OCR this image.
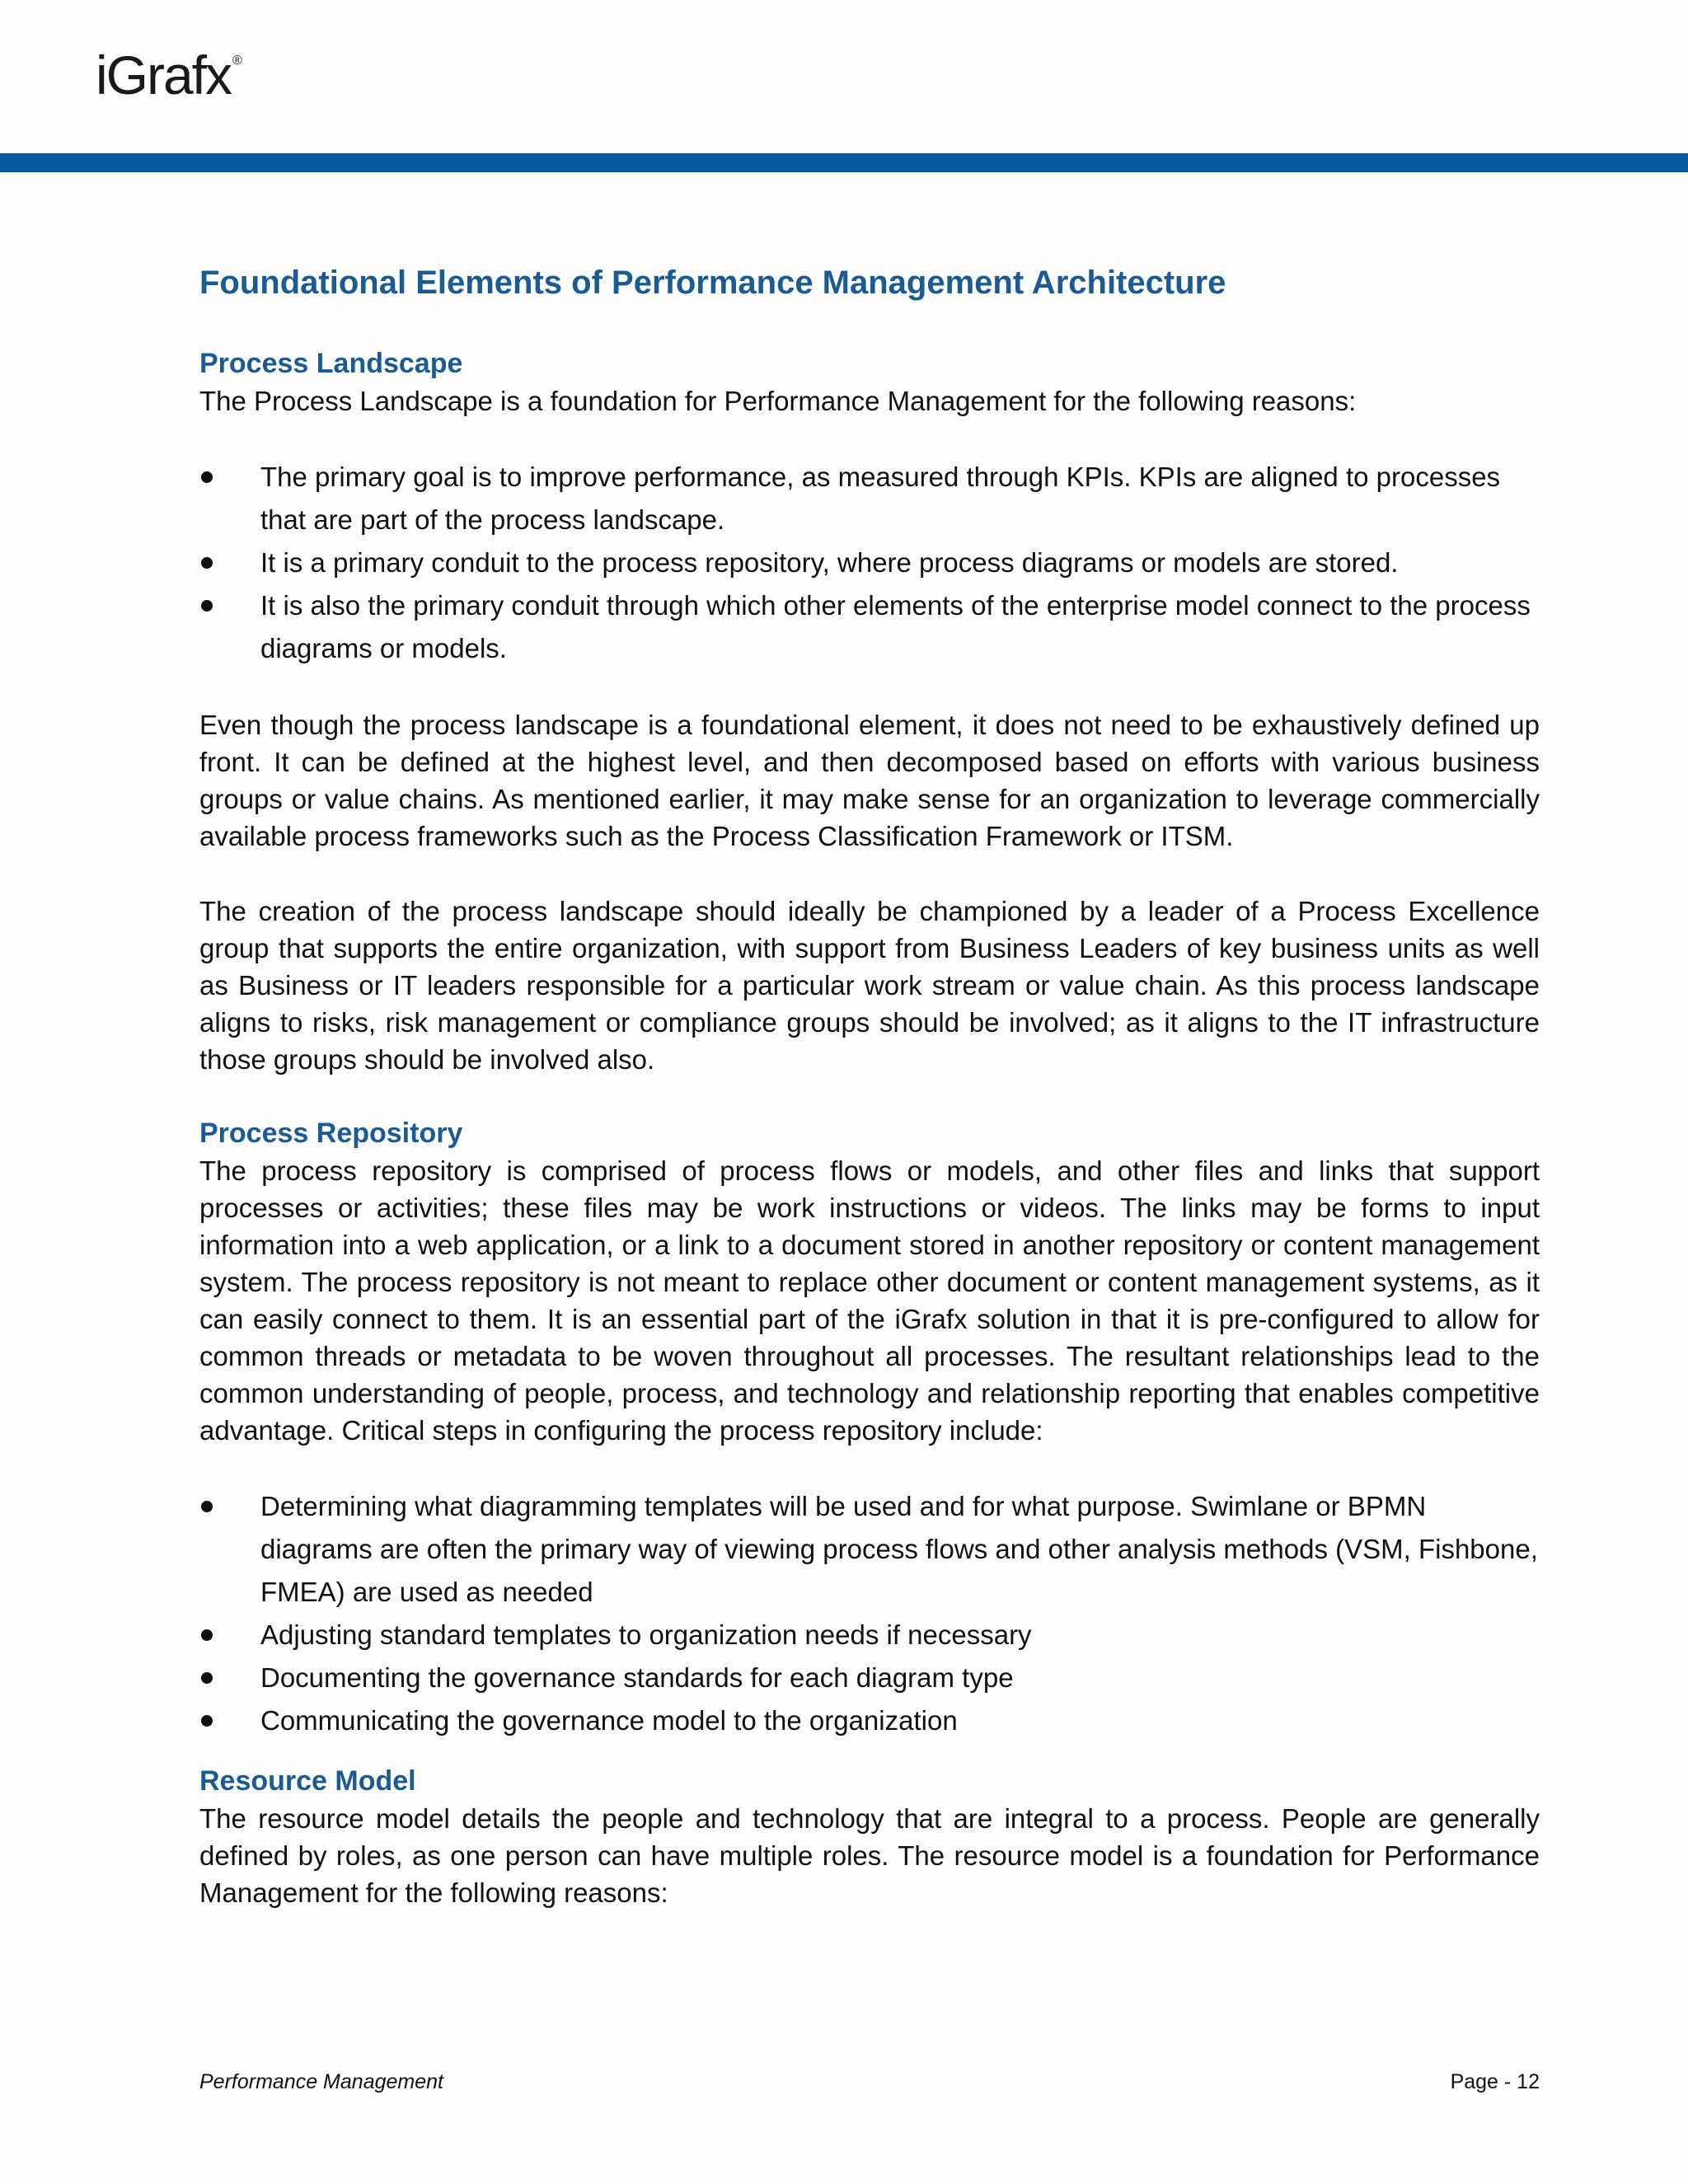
iGrafx ®
Foundational Elements of Performance Management Architecture
Process Landscape

The Process Landscape is a foundation for Performance Management for the following reasons:

The primary goal is to improve performance, as measured through KPIs. KPIs are aligned to processes that are part of the process landscape.
It is a primary conduit to the process repository, where process diagrams or models are stored.
It is also the primary conduit through which other elements of the enterprise model connect to the process diagrams or models.

Even though the process landscape is a foundational element, it does not need to be exhaustively defined up front. It can be defined at the highest level, and then decomposed based on efforts with various business groups or value chains. As mentioned earlier, it may make sense for an organization to leverage commercially available process frameworks such as the Process Classification Framework or ITSM.

The creation of the process landscape should ideally be championed by a leader of a Process Excellence group that supports the entire organization, with support from Business Leaders of key business units as well as Business or IT leaders responsible for a particular work stream or value chain. As this process landscape aligns to risks, risk management or compliance groups should be involved; as it aligns to the IT infrastructure those groups should be involved also.

Process Repository

The process repository is comprised of process flows or models, and other files and links that support processes or activities; these files may be work instructions or videos. The links may be forms to input information into a web application, or a link to a document stored in another repository or content management system. The process repository is not meant to replace other document or content management systems, as it can easily connect to them. It is an essential part of the iGrafx solution in that it is pre-configured to allow for common threads or metadata to be woven throughout all processes. The resultant relationships lead to the common understanding of people, process, and technology and relationship reporting that enables competitive advantage. Critical steps in configuring the process repository include:

Determining what diagramming templates will be used and for what purpose. Swimlane or BPMN diagrams are often the primary way of viewing process flows and other analysis methods (VSM, Fishbone, FMEA) are used as needed
Adjusting standard templates to organization needs if necessary
Documenting the governance standards for each diagram type
Communicating the governance model to the organization
Resource Model

The resource model details the people and technology that are integral to a process. People are generally defined by roles, as one person can have multiple roles. The resource model is a foundation for Performance Management for the following reasons:

Performance Management	Page - 12
